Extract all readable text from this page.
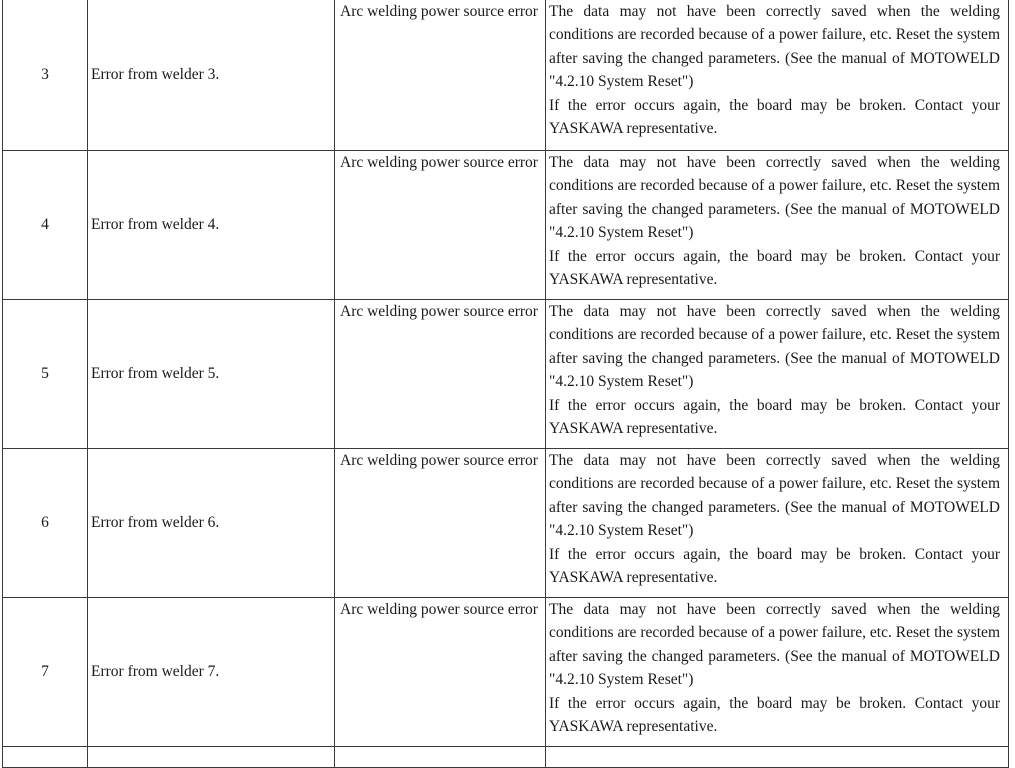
3	Error from welder 3.	Arc welding power source error	The data may not have been correctly saved when the welding conditions are recorded because of a power failure, etc. Reset the system after saving the changed parameters. (See the manual of MOTOWELD "4.2.10 System Reset")
If the error occurs again, the board may be broken. Contact your YASKAWA representative.

4	Error from welder 4.	Arc welding power source error	The data may not have been correctly saved when the welding conditions are recorded because of a power failure, etc. Reset the system after saving the changed parameters. (See the manual of MOTOWELD "4.2.10 System Reset")
If the error occurs again, the board may be broken. Contact your YASKAWA representative.

5	Error from welder 5.	Arc welding power source error	The data may not have been correctly saved when the welding conditions are recorded because of a power failure, etc. Reset the system after saving the changed parameters. (See the manual of MOTOWELD "4.2.10 System Reset")
If the error occurs again, the board may be broken. Contact your YASKAWA representative.

6	Error from welder 6.	Arc welding power source error	The data may not have been correctly saved when the welding conditions are recorded because of a power failure, etc. Reset the system after saving the changed parameters. (See the manual of MOTOWELD "4.2.10 System Reset")
If the error occurs again, the board may be broken. Contact your YASKAWA representative.

7	Error from welder 7.	Arc welding power source error	The data may not have been correctly saved when the welding conditions are recorded because of a power failure, etc. Reset the system after saving the changed parameters. (See the manual of MOTOWELD "4.2.10 System Reset")
If the error occurs again, the board may be broken. Contact your YASKAWA representative.
